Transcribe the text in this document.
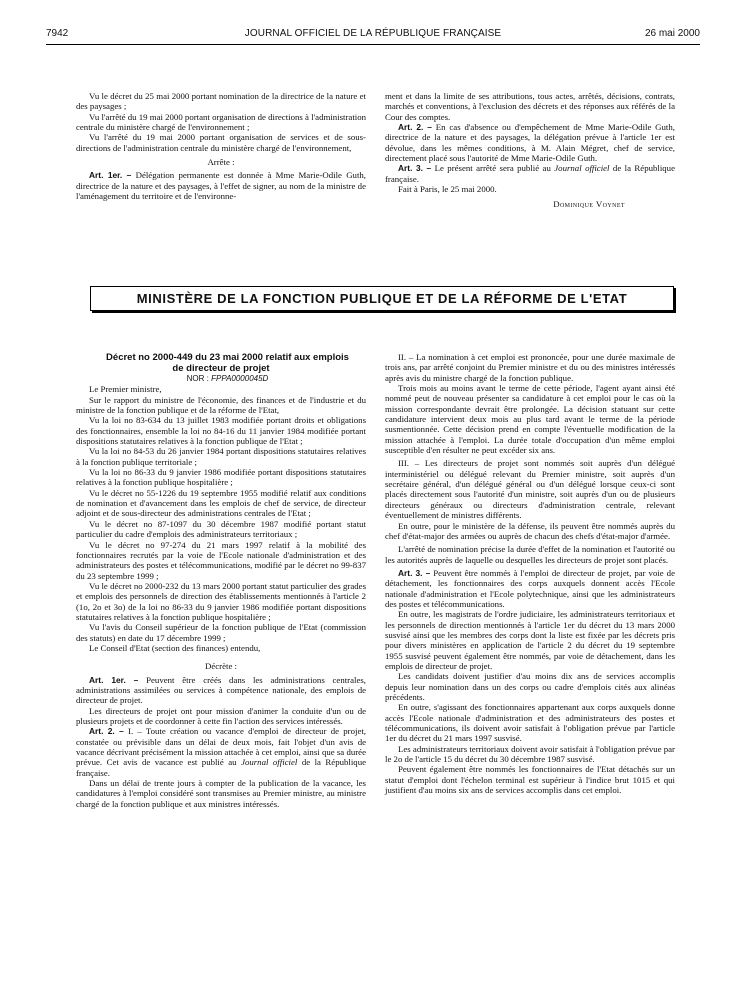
7942	JOURNAL OFFICIEL DE LA RÉPUBLIQUE FRANÇAISE	26 mai 2000

Vu le décret du 25 mai 2000 portant nomination de la directrice de la nature et des paysages ;

Vu l'arrêté du 19 mai 2000 portant organisation de directions à l'administration centrale du ministère chargé de l'environnement ;

Vu l'arrêté du 19 mai 2000 portant organisation de services et de sous-directions de l'administration centrale du ministère chargé de l'environnement,

Arrête :

Art. 1er. – Délégation permanente est donnée à Mme Marie-Odile Guth, directrice de la nature et des paysages, à l'effet de signer, au nom de la ministre de l'aménagement du territoire et de l'environne-

ment et dans la limite de ses attributions, tous actes, arrêtés, décisions, contrats, marchés et conventions, à l'exclusion des décrets et des réponses aux référés de la Cour des comptes.

Art. 2. – En cas d'absence ou d'empêchement de Mme Marie-Odile Guth, directrice de la nature et des paysages, la délégation prévue à l'article 1er est dévolue, dans les mêmes conditions, à M. Alain Mégret, chef de service, directement placé sous l'autorité de Mme Marie-Odile Guth.

Art. 3. – Le présent arrêté sera publié au Journal officiel de la République française.

Fait à Paris, le 25 mai 2000.

Dominique Voynet

MINISTÈRE DE LA FONCTION PUBLIQUE ET DE LA RÉFORME DE L'ETAT

Décret no 2000-449 du 23 mai 2000 relatif aux emplois
de directeur de projet

NOR : FPPA0000045D

Le Premier ministre,

Sur le rapport du ministre de l'économie, des finances et de l'industrie et du ministre de la fonction publique et de la réforme de l'Etat,

Vu la loi no 83-634 du 13 juillet 1983 modifiée portant droits et obligations des fonctionnaires, ensemble la loi no 84-16 du 11 janvier 1984 modifiée portant dispositions statutaires relatives à la fonction publique de l'Etat ;

Vu la loi no 84-53 du 26 janvier 1984 portant dispositions statutaires relatives à la fonction publique territoriale ;

Vu la loi no 86-33 du 9 janvier 1986 modifiée portant dispositions statutaires relatives à la fonction publique hospitalière ;

Vu le décret no 55-1226 du 19 septembre 1955 modifié relatif aux conditions de nomination et d'avancement dans les emplois de chef de service, de directeur adjoint et de sous-directeur des administrations centrales de l'Etat ;

Vu le décret no 87-1097 du 30 décembre 1987 modifié portant statut particulier du cadre d'emplois des administrateurs territoriaux ;

Vu le décret no 97-274 du 21 mars 1997 relatif à la mobilité des fonctionnaires recrutés par la voie de l'Ecole nationale d'administration et des administrateurs des postes et télécommunications, modifié par le décret no 99-837 du 23 septembre 1999 ;

Vu le décret no 2000-232 du 13 mars 2000 portant statut particulier des grades et emplois des personnels de direction des établissements mentionnés à l'article 2 (1o, 2o et 3o) de la loi no 86-33 du 9 janvier 1986 modifiée portant dispositions statutaires relatives à la fonction publique hospitalière ;

Vu l'avis du Conseil supérieur de la fonction publique de l'Etat (commission des statuts) en date du 17 décembre 1999 ;

Le Conseil d'Etat (section des finances) entendu,

Décrète :

Art. 1er. – Peuvent être créés dans les administrations centrales, administrations assimilées ou services à compétence nationale, des emplois de directeur de projet.

Les directeurs de projet ont pour mission d'animer la conduite d'un ou de plusieurs projets et de coordonner à cette fin l'action des services intéressés.

Art. 2. – I. – Toute création ou vacance d'emploi de directeur de projet, constatée ou prévisible dans un délai de deux mois, fait l'objet d'un avis de vacance décrivant précisément la mission attachée à cet emploi, ainsi que sa durée prévue. Cet avis de vacance est publié au Journal officiel de la République française.

Dans un délai de trente jours à compter de la publication de la vacance, les candidatures à l'emploi considéré sont transmises au Premier ministre, au ministre chargé de la fonction publique et aux ministres intéressés.

II. – La nomination à cet emploi est prononcée, pour une durée maximale de trois ans, par arrêté conjoint du Premier ministre et du ou des ministres intéressés après avis du ministre chargé de la fonction publique.

Trois mois au moins avant le terme de cette période, l'agent ayant ainsi été nommé peut de nouveau présenter sa candidature à cet emploi pour le cas où la mission correspondante devrait être prolongée. La décision statuant sur cette candidature intervient deux mois au plus tard avant le terme de la période susmentionnée. Cette décision prend en compte l'éventuelle modification de la mission attachée à l'emploi. La durée totale d'occupation d'un même emploi susceptible d'en résulter ne peut excéder six ans.

III. – Les directeurs de projet sont nommés soit auprès d'un délégué interministériel ou délégué relevant du Premier ministre, soit auprès d'un secrétaire général, d'un délégué général ou d'un délégué lorsque ceux-ci sont placés directement sous l'autorité d'un ministre, soit auprès d'un ou de plusieurs directeurs généraux ou directeurs d'administration centrale, relevant éventuellement de ministres différents.

En outre, pour le ministère de la défense, ils peuvent être nommés auprès du chef d'état-major des armées ou auprès de chacun des chefs d'état-major d'armée.

L'arrêté de nomination précise la durée d'effet de la nomination et l'autorité ou les autorités auprès de laquelle ou desquelles les directeurs de projet sont placés.

Art. 3. – Peuvent être nommés à l'emploi de directeur de projet, par voie de détachement, les fonctionnaires des corps auxquels donnent accès l'Ecole nationale d'administration et l'Ecole polytechnique, ainsi que les administrateurs des postes et télécommunications.

En outre, les magistrats de l'ordre judiciaire, les administrateurs territoriaux et les personnels de direction mentionnés à l'article 1er du décret du 13 mars 2000 susvisé ainsi que les membres des corps dont la liste est fixée par les décrets pris pour divers ministères en application de l'article 2 du décret du 19 septembre 1955 susvisé peuvent également être nommés, par voie de détachement, dans les emplois de directeur de projet.

Les candidats doivent justifier d'au moins dix ans de services accomplis depuis leur nomination dans un des corps ou cadre d'emplois cités aux alinéas précédents.

En outre, s'agissant des fonctionnaires appartenant aux corps auxquels donne accès l'Ecole nationale d'administration et des administrateurs des postes et télécommunications, ils doivent avoir satisfait à l'obligation prévue par l'article 1er du décret du 21 mars 1997 susvisé.

Les administrateurs territoriaux doivent avoir satisfait à l'obligation prévue par le 2o de l'article 15 du décret du 30 décembre 1987 susvisé.

Peuvent également être nommés les fonctionnaires de l'Etat détachés sur un statut d'emploi dont l'échelon terminal est supérieur à l'indice brut 1015 et qui justifient d'au moins six ans de services accomplis dans cet emploi.
